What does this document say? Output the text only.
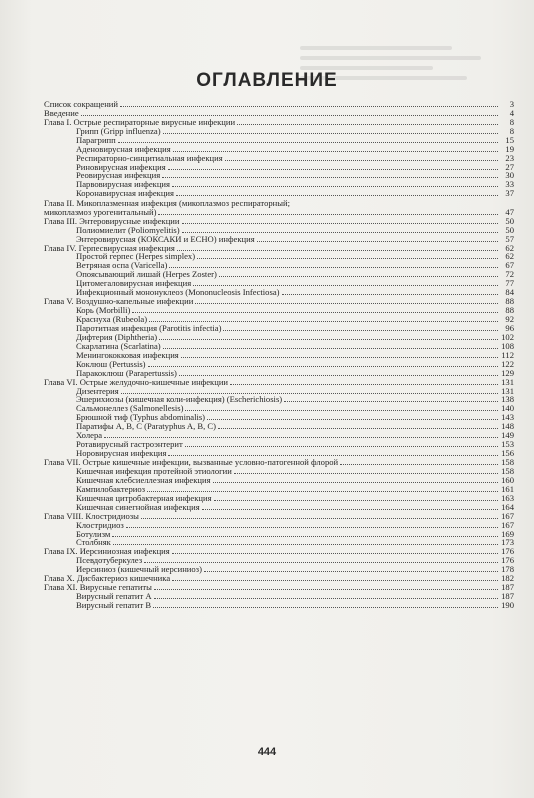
ОГЛАВЛЕНИЕ
Список сокращений	3
Введение	4
Глава I. Острые респираторные вирусные инфекции	8
Грипп (Gripp influenza)	8
Парагрипп	15
Аденовирусная инфекция	19
Респираторно-синцитиальная инфекция	23
Риновирусная инфекция	27
Реовирусная инфекция	30
Парвовирусная инфекция	33
Коронавирусная инфекция	37
Глава II. Микоплазменная инфекция (микоплазмоз респираторный;
микоплазмоз урогенитальный)	47
Глава III. Энтеровирусные инфекции	50
Полиомиелит (Poliomyelitis)	50
Энтеровирусная (КОКСАКИ и ECHO) инфекция	57
Глава IV. Герпесвирусная инфекция	62
Простой герпес (Herpes simplex)	62
Ветряная оспа (Varicella)	67
Опоясывающий лишай (Herpes Zoster)	72
Цитомегаловирусная инфекция	77
Инфекционный мононуклеоз (Mononucleosis Infectiosa)	84
Глава V. Воздушно-капельные инфекции	88
Корь (Morbilli)	88
Краснуха (Rubeola)	92
Паротитная инфекция (Parotitis infectia)	96
Дифтерия (Diphtheria)	102
Скарлатина (Scarlatina)	108
Менингококковая инфекция	112
Коклюш (Pertussis)	122
Паракоклюш (Parapertussis)	129
Глава VI. Острые желудочно-кишечные инфекции	131
Дизентерия	131
Эшерихиозы (кишечная коли-инфекция) (Escherichiosis)	138
Сальмонеллез (Salmonellesis)	140
Брюшной тиф (Typhus abdominalis)	143
Паратифы А, В, С (Paratyphus A, B, C)	148
Холера	149
Ротавирусный гастроэнтерит	153
Норовирусная инфекция	156
Глава VII. Острые кишечные инфекции, вызванные условно-патогенной флорой	158
Кишечная инфекция протейной этиологии	158
Кишечная клебсиеллезная инфекция	160
Кампилобактериоз	161
Кишечная цитробактерная инфекция	163
Кишечная синегнойная инфекция	164
Глава VIII. Клостридиозы	167
Клостридиоз	167
Ботулизм	169
Столбняк	173
Глава IX. Иерсиниозная инфекция	176
Псевдотуберкулез	176
Иерсиниоз (кишечный иерсиниоз)	178
Глава X. Дисбактериоз кишечника	182
Глава XI. Вирусные гепатиты	187
Вирусный гепатит А	187
Вирусный гепатит В	190
444
